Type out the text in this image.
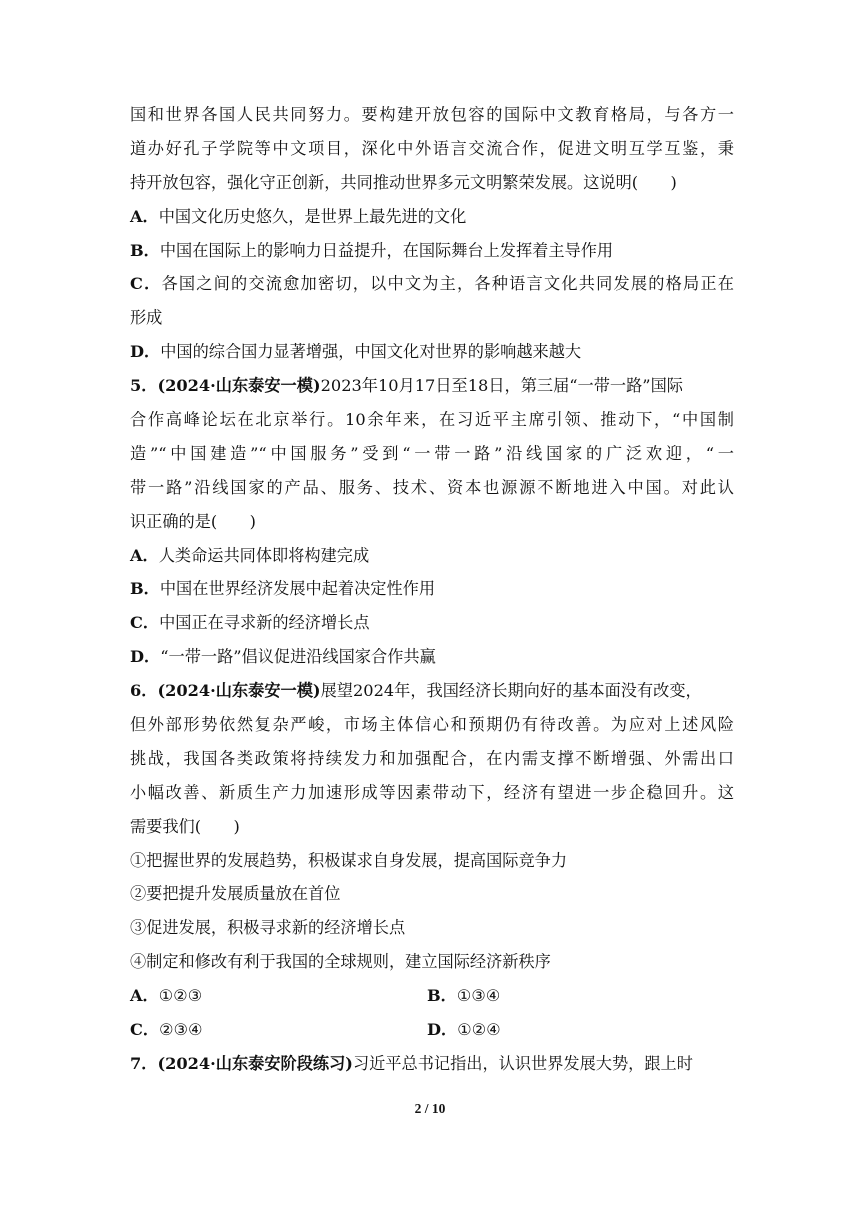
国和世界各国人民共同努力。要构建开放包容的国际中文教育格局，与各方一
道办好孔子学院等中文项目，深化中外语言交流合作，促进文明互学互鉴，秉
持开放包容，强化守正创新，共同推动世界多元文明繁荣发展。这说明(　　)
A．中国文化历史悠久，是世界上最先进的文化
B．中国在国际上的影响力日益提升，在国际舞台上发挥着主导作用
C．各国之间的交流愈加密切，以中文为主，各种语言文化共同发展的格局正在
形成
D．中国的综合国力显著增强，中国文化对世界的影响越来越大
5．(2024·山东泰安一模)2023年10月17日至18日，第三届“一带一路”国际
合作高峰论坛在北京举行。10余年来，在习近平主席引领、推动下，“中国制
造”“中国建造”“中国服务”受到“一带一路”沿线国家的广泛欢迎，“一
带一路”沿线国家的产品、服务、技术、资本也源源不断地进入中国。对此认
识正确的是(　　)
A．人类命运共同体即将构建完成
B．中国在世界经济发展中起着决定性作用
C．中国正在寻求新的经济增长点
D．“一带一路”倡议促进沿线国家合作共赢
6．(2024·山东泰安一模)展望2024年，我国经济长期向好的基本面没有改变，
但外部形势依然复杂严峻，市场主体信心和预期仍有待改善。为应对上述风险
挑战，我国各类政策将持续发力和加强配合，在内需支撑不断增强、外需出口
小幅改善、新质生产力加速形成等因素带动下，经济有望进一步企稳回升。这
需要我们(　　)
①把握世界的发展趋势，积极谋求自身发展，提高国际竞争力
②要把提升发展质量放在首位
③促进发展，积极寻求新的经济增长点
④制定和修改有利于我国的全球规则，建立国际经济新秩序
A．①②③	B．①③④
C．②③④	D．①②④
7．(2024·山东泰安阶段练习)习近平总书记指出，认识世界发展大势，跟上时
2 / 10
